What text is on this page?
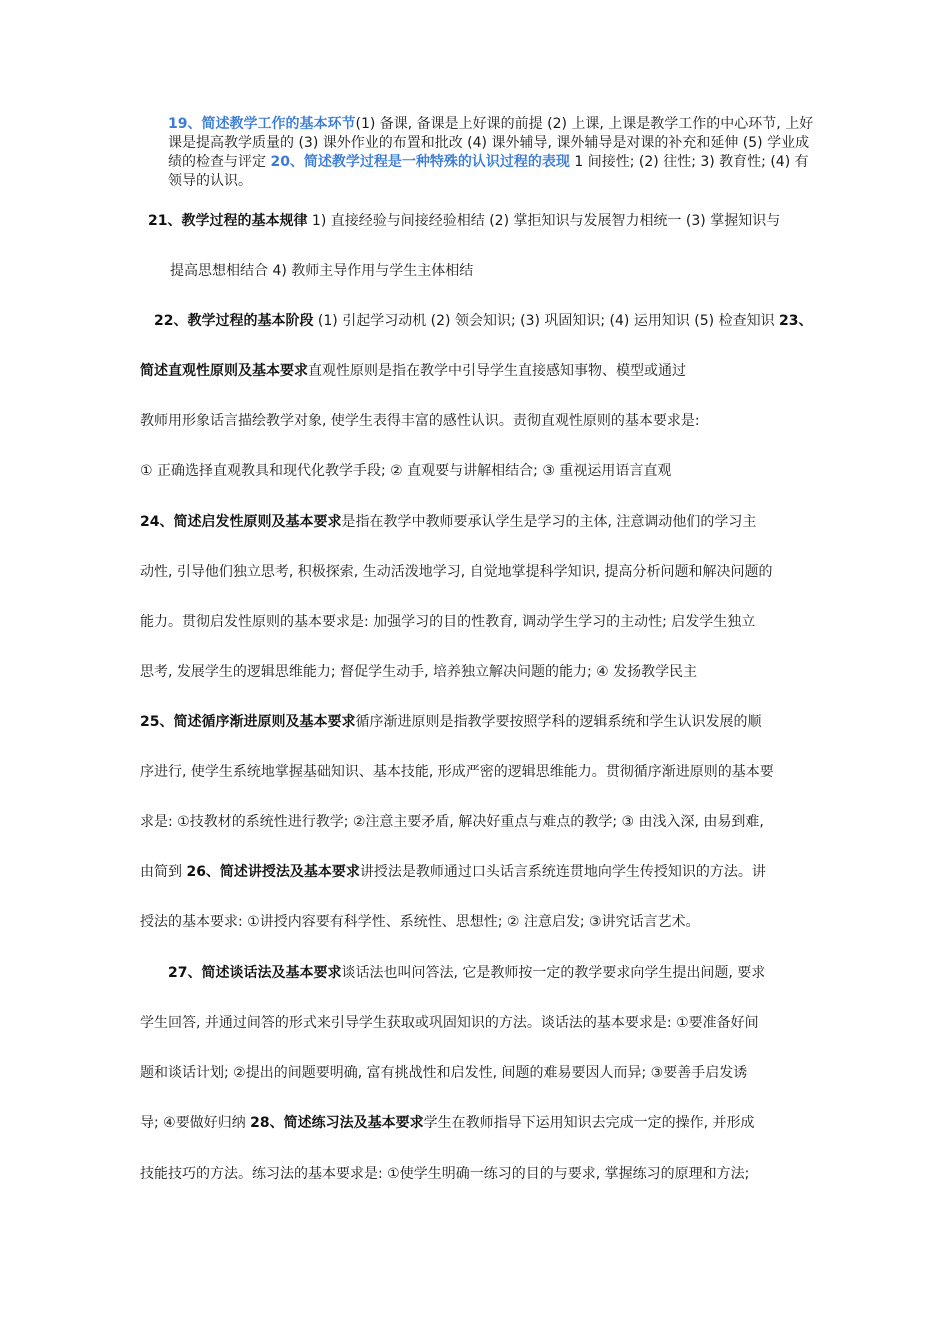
19、简述教学工作的基本环节(1) 备课, 备课是上好课的前提 (2) 上课, 上课是教学工作的中心环节, 上好课是提高教学质量的 (3) 课外作业的布置和批改 (4) 课外辅导, 课外辅导是对课的补充和延伸 (5) 学业成绩的检查与评定 20、简述教学过程是一种特殊的认识过程的表现 1 间接性; (2) 往性; 3) 教育性; (4) 有领导的认识。
21、教学过程的基本规律 1) 直接经验与间接经验相结 (2) 掌拒知识与发展智力相统一 (3) 掌握知识与
提高思想相结合 4) 教师主导作用与学生主体相结
22、教学过程的基本阶段 (1) 引起学习动机 (2) 领会知识; (3) 巩固知识; (4) 运用知识 (5) 检查知识 23、
简述直观性原则及基本要求直观性原则是指在教学中引导学生直接感知事物、模型或通过
教师用形象话言描绘教学对象, 使学生表得丰富的感性认识。责彻直观性原则的基本要求是:
① 正确选择直观教具和现代化教学手段; ② 直观要与讲解相结合; ③ 重视运用语言直观
24、简述启发性原则及基本要求是指在教学中教师要承认学生是学习的主体, 注意调动他们的学习主
动性, 引导他们独立思考, 积极探索, 生动活泼地学习, 自觉地掌提科学知识, 提高分析问题和解决问题的
能力。贯彻启发性原则的基本要求是: 加强学习的目的性教育, 调动学生学习的主动性; 启发学生独立
思考, 发展学生的逻辑思维能力; 督促学生动手, 培养独立解决问题的能力; ④ 发扬教学民主
25、简述循序渐进原则及基本要求循序渐进原则是指教学要按照学科的逻辑系统和学生认识发展的顺
序进行, 使学生系统地掌握基础知识、基本技能, 形成严密的逻辑思维能力。贯彻循序渐进原则的基本要
求是: ①技教材的系统性进行教学; ②注意主要矛盾, 解决好重点与难点的教学; ③ 由浅入深, 由易到难,
由简到 26、简述讲授法及基本要求讲授法是教师通过口头话言系统连贯地向学生传授知识的方法。讲
授法的基本要求: ①讲授内容要有科学性、系统性、思想性; ② 注意启发; ③讲究话言艺术。
27、简述谈话法及基本要求谈话法也叫问答法, 它是教师按一定的教学要求向学生提出间题, 要求
学生回答, 并通过间答的形式来引导学生获取或巩固知识的方法。谈话法的基本要求是: ①要准备好间
题和谈话计划; ②提出的间题要明确, 富有挑战性和启发性, 间题的难易要因人而异; ③要善手启发诱
导; ④要做好归纳 28、简述练习法及基本要求学生在教师指导下运用知识去完成一定的操作, 并形成
技能技巧的方法。练习法的基本要求是: ①使学生明确一练习的目的与要求, 掌握练习的原理和方法;
